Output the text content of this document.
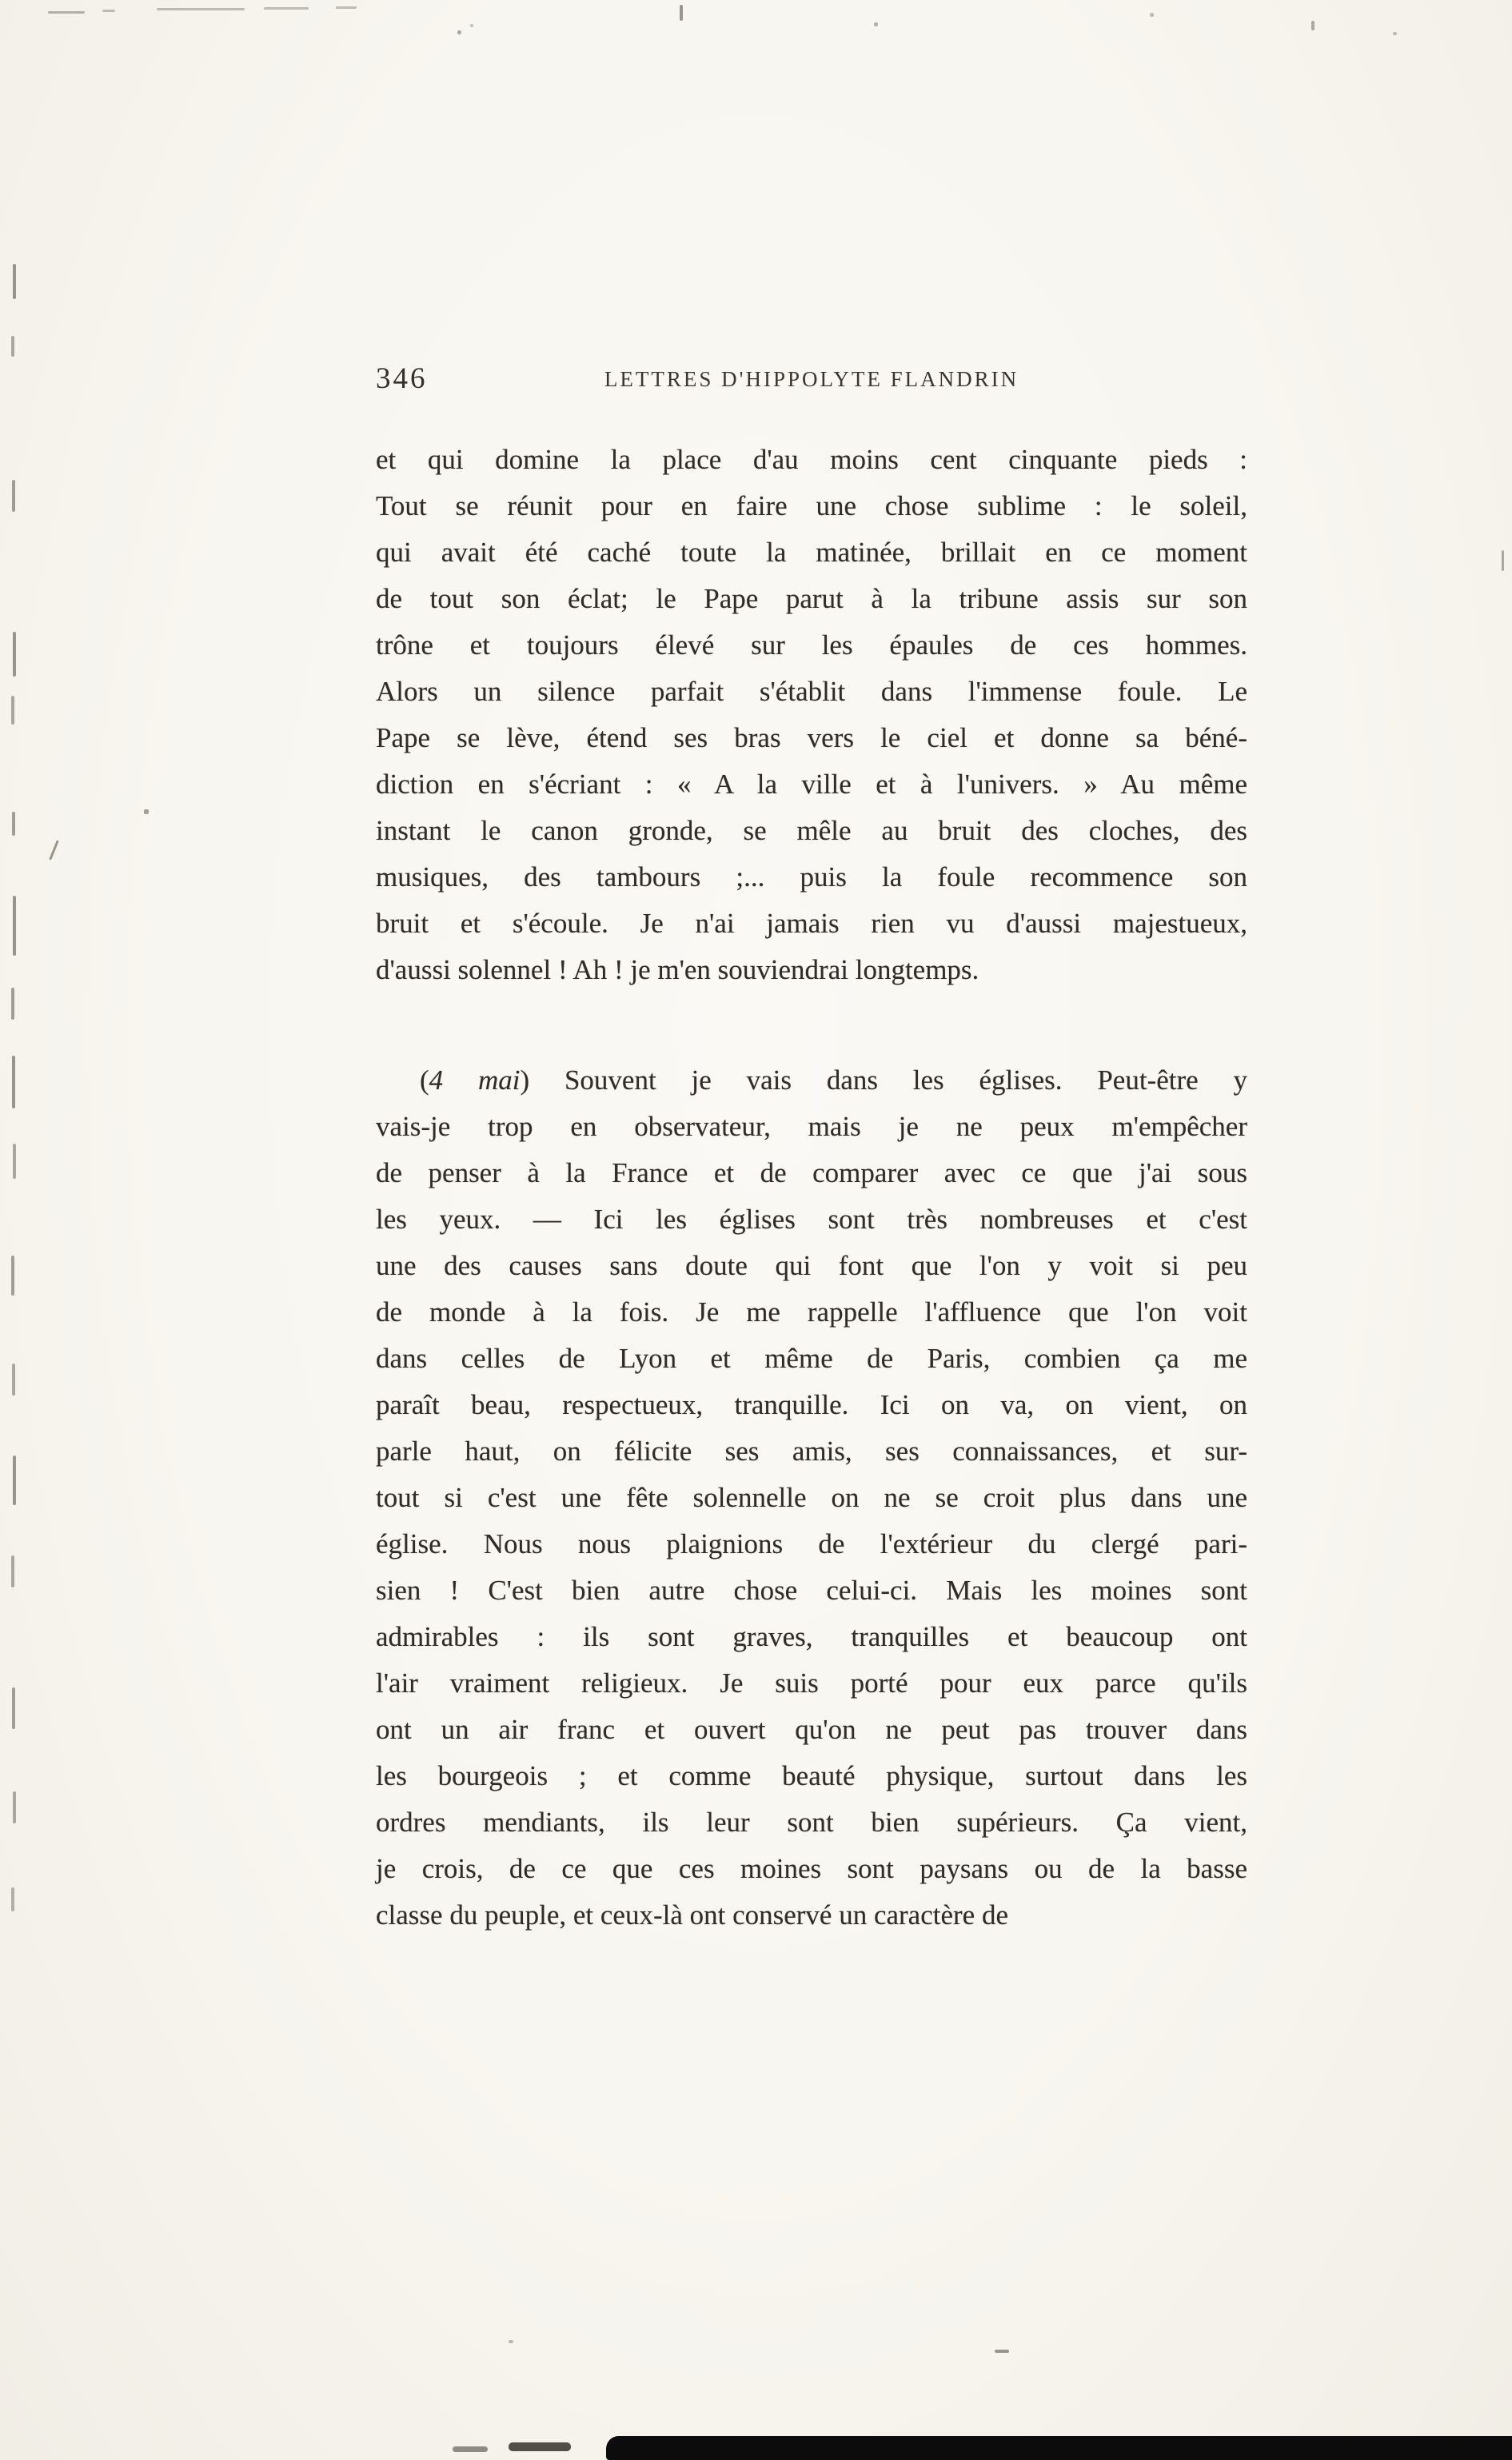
346	LETTRES D'HIPPOLYTE FLANDRIN
et qui domine la place d'au moins cent cinquante pieds :
Tout se réunit pour en faire une chose sublime : le soleil,
qui avait été caché toute la matinée, brillait en ce moment
de tout son éclat; le Pape parut à la tribune assis sur son
trône et toujours élevé sur les épaules de ces hommes.
Alors un silence parfait s'établit dans l'immense foule. Le
Pape se lève, étend ses bras vers le ciel et donne sa béné-
diction en s'écriant : « A la ville et à l'univers. » Au même
instant le canon gronde, se mêle au bruit des cloches, des
musiques, des tambours ;... puis la foule recommence son
bruit et s'écoule. Je n'ai jamais rien vu d'aussi majestueux,
d'aussi solennel ! Ah ! je m'en souviendrai longtemps.
(4 mai) Souvent je vais dans les églises. Peut-être y
vais-je trop en observateur, mais je ne peux m'empêcher
de penser à la France et de comparer avec ce que j'ai sous
les yeux. — Ici les églises sont très nombreuses et c'est
une des causes sans doute qui font que l'on y voit si peu
de monde à la fois. Je me rappelle l'affluence que l'on voit
dans celles de Lyon et même de Paris, combien ça me
paraît beau, respectueux, tranquille. Ici on va, on vient, on
parle haut, on félicite ses amis, ses connaissances, et sur-
tout si c'est une fête solennelle on ne se croit plus dans une
église. Nous nous plaignions de l'extérieur du clergé pari-
sien ! C'est bien autre chose celui-ci. Mais les moines sont
admirables : ils sont graves, tranquilles et beaucoup ont
l'air vraiment religieux. Je suis porté pour eux parce qu'ils
ont un air franc et ouvert qu'on ne peut pas trouver dans
les bourgeois ; et comme beauté physique, surtout dans les
ordres mendiants, ils leur sont bien supérieurs. Ça vient,
je crois, de ce que ces moines sont paysans ou de la basse
classe du peuple, et ceux-là ont conservé un caractère de
